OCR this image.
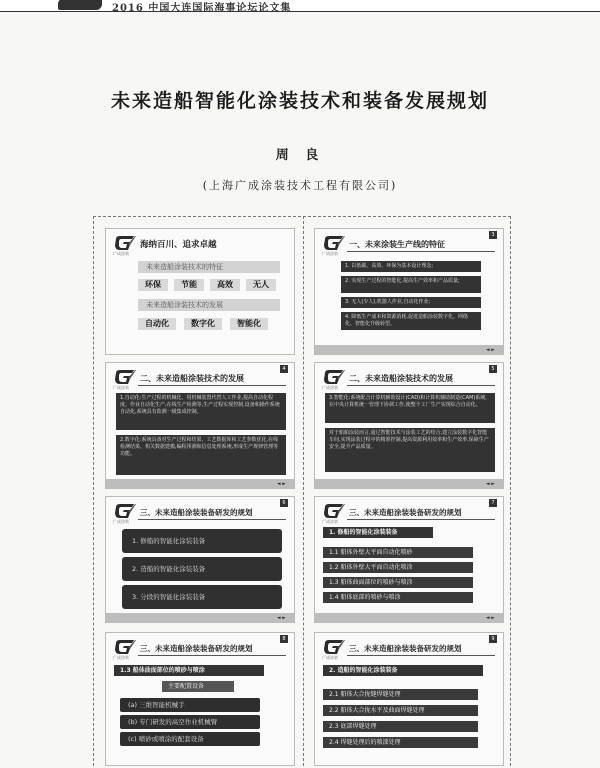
2016 中国大连国际海事论坛论文集
未来造船智能化涂装技术和装备发展规划
周 良
(上海广成涂装技术工程有限公司)
广成涂装
海纳百川、追求卓越
未来造船涂装技术的特征
环保	节能	高效	无人
未来造船涂装技术的发展
自动化	数字化	智能化
3
广成涂装
一、未来涂装生产线的特征
1. 以低碳、高效、环保为基本设计理念;
2. 实现生产过程的智能化,提高生产效率和产品质量;
3. 无人(少人),机器人作业,自动化作业;
4. 降低生产成本和资源消耗,促进造船涂装数字化、网络化、智能化升级转型。
◄ ►
4
广成涂装
二、未来造船涂装技术的发展
1.自动化:生产过程的机械化、用机械装置代替人工作业,提高自动化程度。作业自动化生产,在线生产检测等,生产过程实现控制,设备和操作系统自动化,系统具有监测一级集成控制。
2.数字化:系统具备对生产过程和结果、工艺数据库和工艺参数优化,在线检测结果、相关数据建模,编程预测和信息处理系统,形成生产规律管理等功能。
◄ ►
5
广成涂装
二、未来造船涂装技术的发展
3.智能化:系统配合计算机辅助设计(CAD)和计算机辅助制造(CAM)系统,在中央计算机统一管理下协调工作,使整个工厂生产实现综合自动化。
对于船舶涂装而言,通过智能技术与涂装工艺的结合,建立涂装数字化智能车间,实现涂装过程中的精准控制,提高资源利用效率和生产效率,保障生产安全,提升产品质量。
◄ ►
6
广成涂装
三、未来造船涂装装备研发的规划
1. 修船的智能化涂装装备
2. 造船的智能化涂装装备
3. 分段的智能化涂装装备
◄ ►
7
广成涂装
三、未来造船涂装装备研发的规划
1. 修船的智能化涂装装备
1.1 船体外壁大平面自动化喷砂
1.2 船体外壁大平面自动化喷涂
1.3 船体曲面部位的喷砂与喷涂
1.4 船体底部的喷砂与喷涂
◄ ►
8
广成涂装
三、未来造船涂装装备研发的规划
1.3 船体曲面部位的喷砂与喷涂
主要配置设备
(a) 三维智能机械手
(b) 专门研发的高空作业机械臂
(c) 喷砂或喷涂的配套设备
9
广成涂装
三、未来造船涂装装备研发的规划
2. 造船的智能化涂装装备
2.1 船体大合拢缝焊缝处理
2.2 船体大合拢水平及曲面焊缝处理
2.3 底部焊缝处理
2.4 焊缝处理后的喷漆处理
